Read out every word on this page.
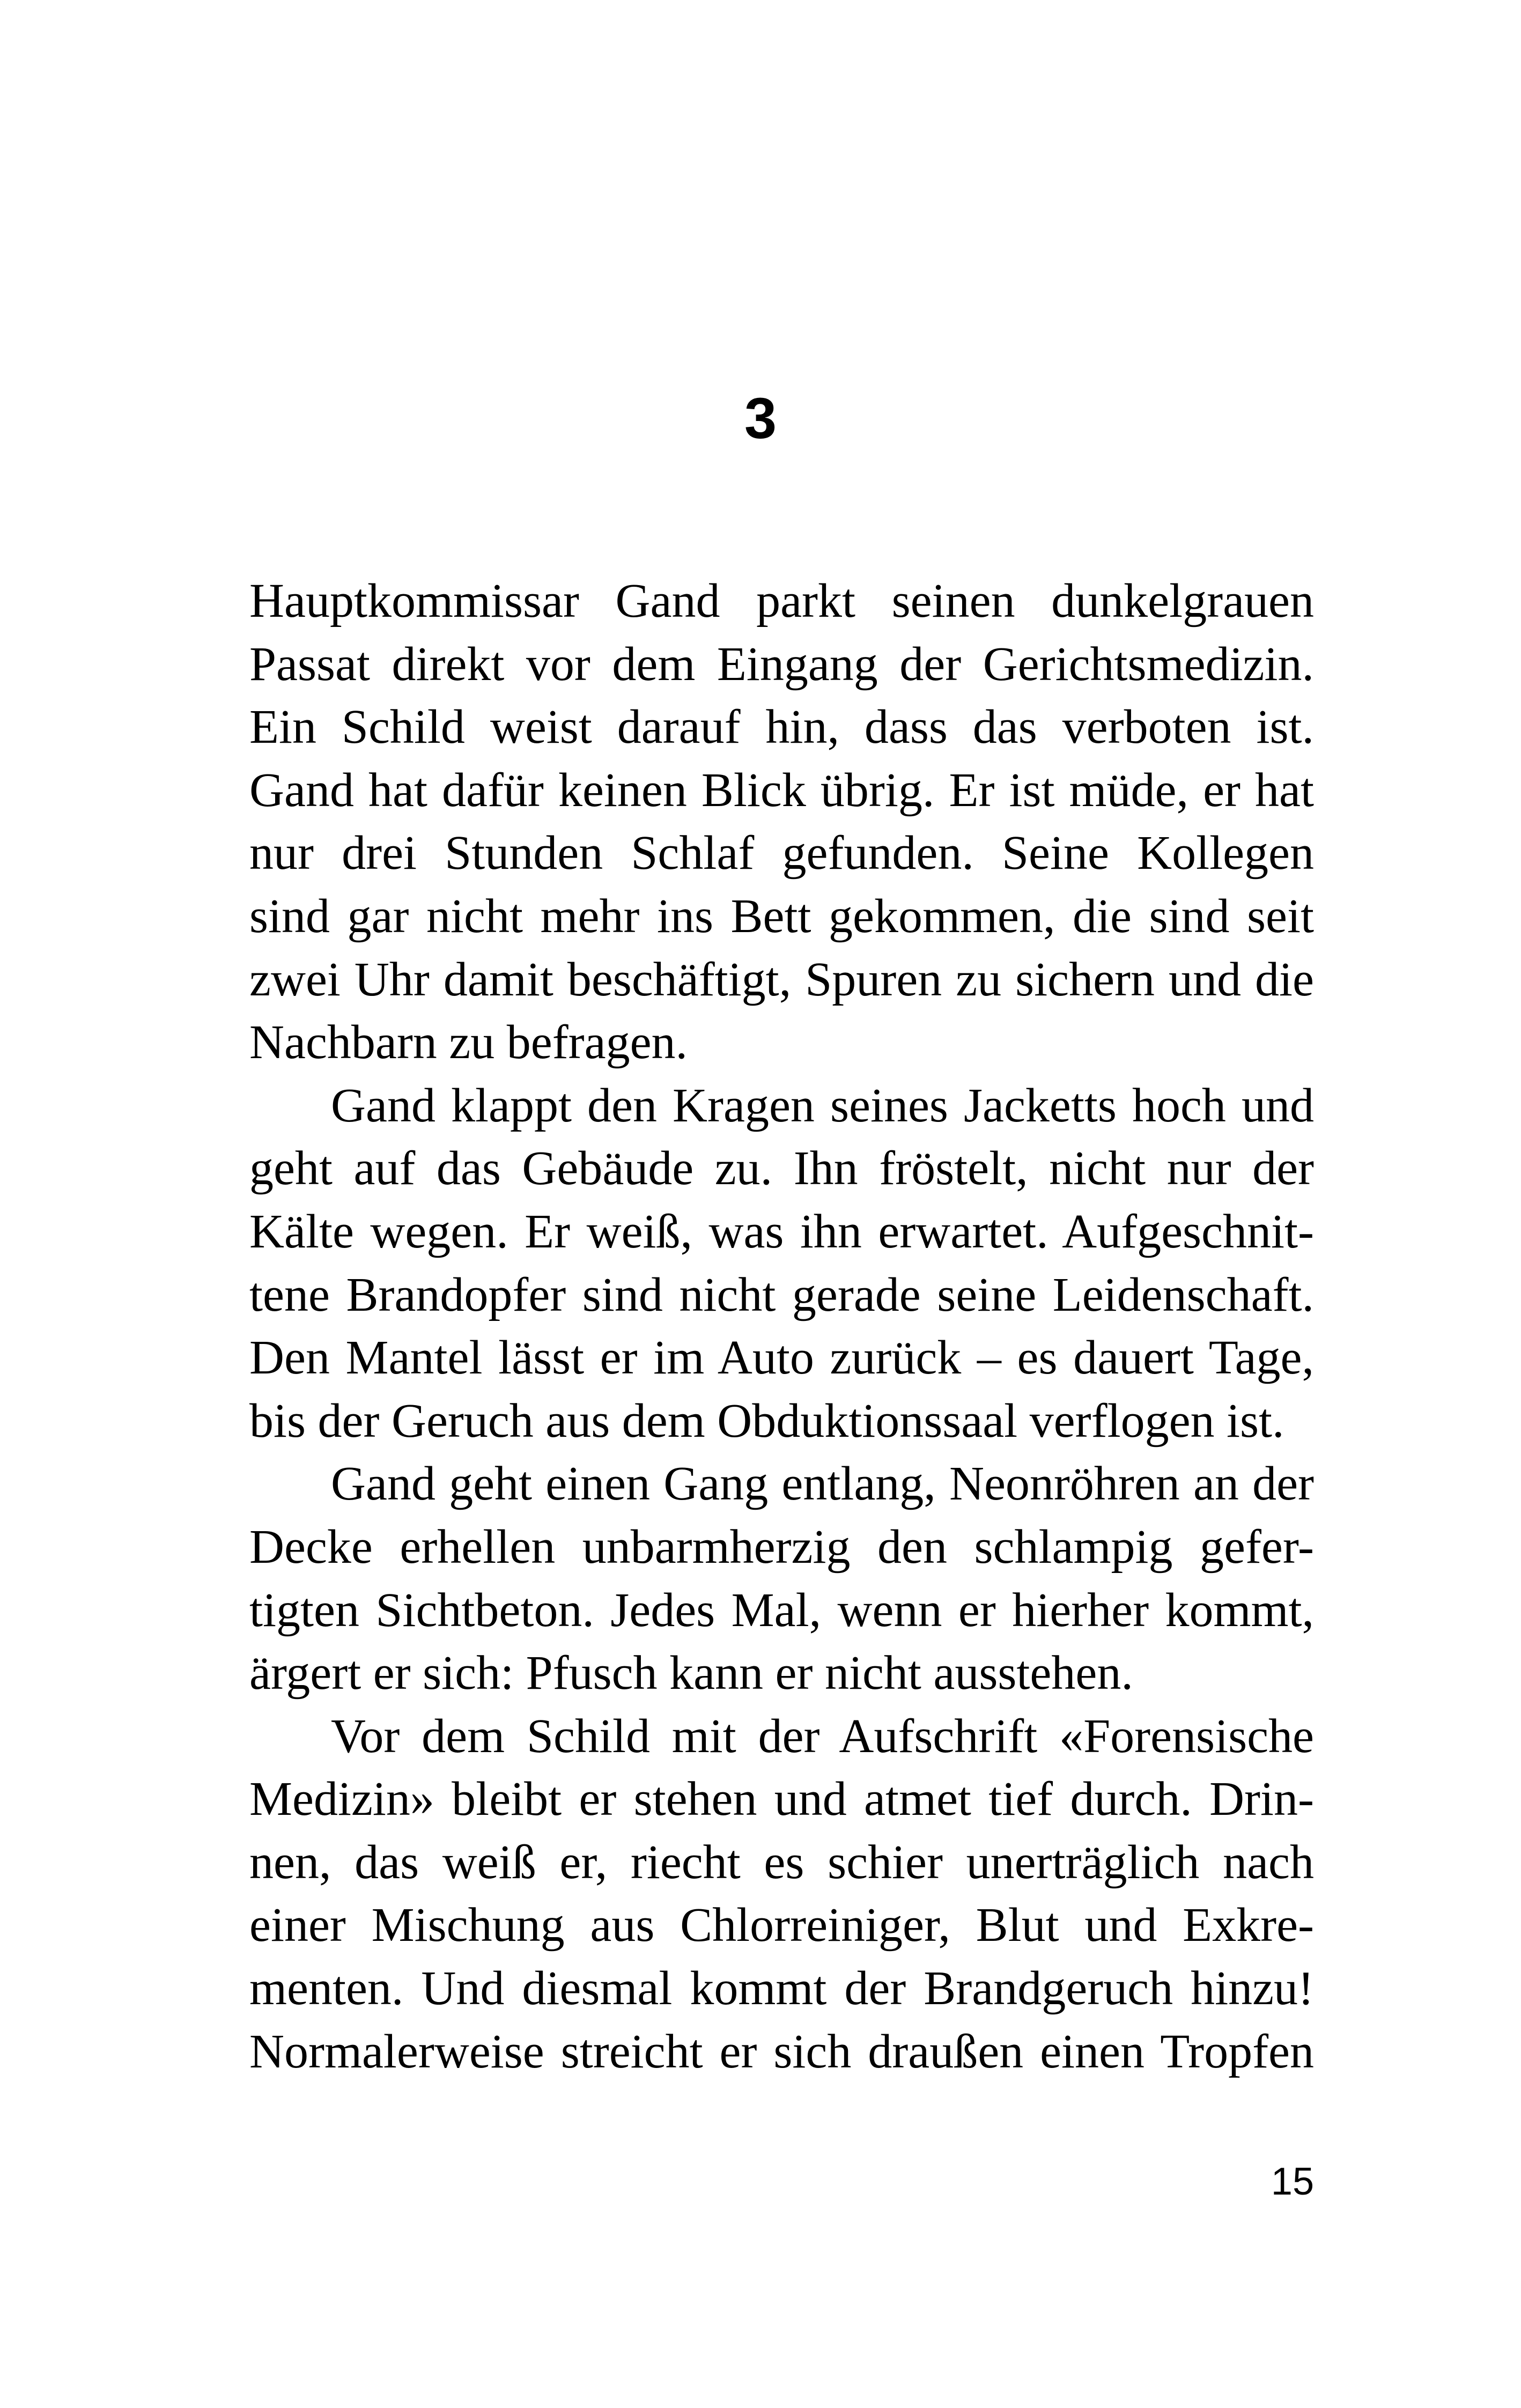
3
Hauptkommissar Gand parkt seinen dunkelgrauen
Passat direkt vor dem Eingang der Gerichtsmedizin.
Ein Schild weist darauf hin, dass das verboten ist.
Gand hat dafür keinen Blick übrig. Er ist müde, er hat
nur drei Stunden Schlaf gefunden. Seine Kollegen
sind gar nicht mehr ins Bett gekommen, die sind seit
zwei Uhr damit beschäftigt, Spuren zu sichern und die
Nachbarn zu befragen.
Gand klappt den Kragen seines Jacketts hoch und
geht auf das Gebäude zu. Ihn fröstelt, nicht nur der
Kälte wegen. Er weiß, was ihn erwartet. Aufgeschnit-
tene Brandopfer sind nicht gerade seine Leidenschaft.
Den Mantel lässt er im Auto zurück – es dauert Tage,
bis der Geruch aus dem Obduktionssaal verflogen ist.
Gand geht einen Gang entlang, Neonröhren an der
Decke erhellen unbarmherzig den schlampig gefer-
tigten Sichtbeton. Jedes Mal, wenn er hierher kommt,
ärgert er sich: Pfusch kann er nicht ausstehen.
Vor dem Schild mit der Aufschrift «Forensische
Medizin» bleibt er stehen und atmet tief durch. Drin-
nen, das weiß er, riecht es schier unerträglich nach
einer Mischung aus Chlorreiniger, Blut und Exkre-
menten. Und diesmal kommt der Brandgeruch hinzu!
Normalerweise streicht er sich draußen einen Tropfen
15
